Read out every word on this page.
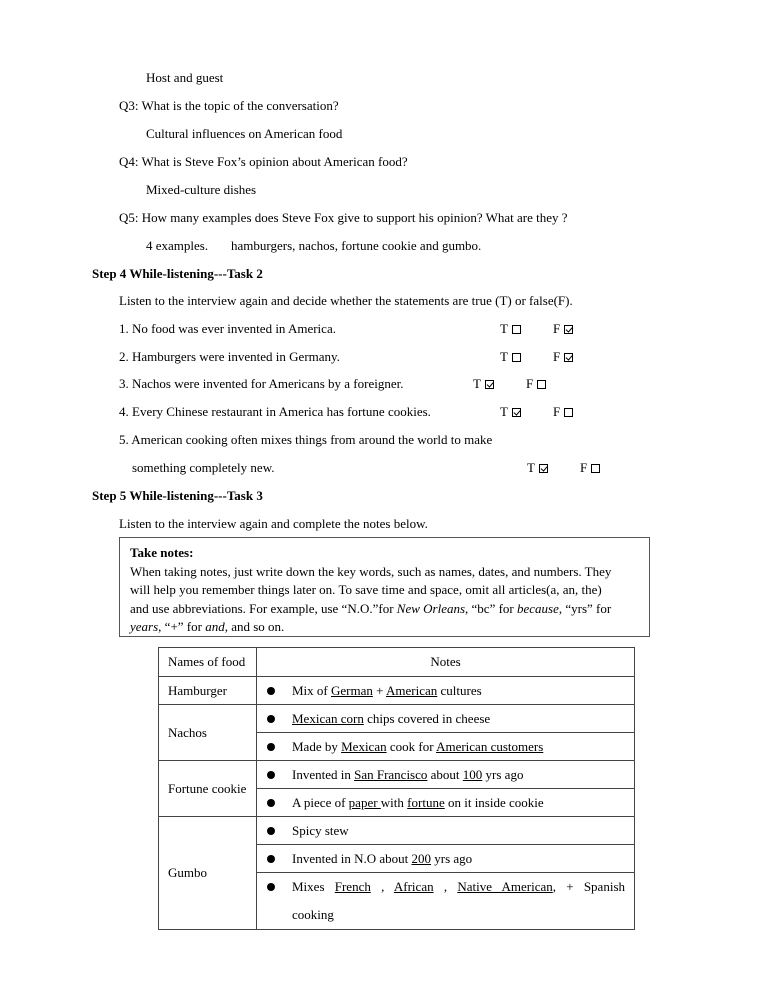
Host and guest
Q3: What is the topic of the conversation?
Cultural influences on American food
Q4: What is Steve Fox’s opinion about American food?
Mixed-culture dishes
Q5: How many examples does Steve Fox give to support his opinion? What are they ?
4 examples. hamburgers, nachos, fortune cookie and gumbo.
Step 4 While-listening---Task 2
Listen to the interview again and decide whether the statements are true (T) or false(F).
1. No food was ever invented in America.	T	F
2. Hamburgers were invented in Germany.	T	F
3. Nachos were invented for Americans by a foreigner.	T	F
4. Every Chinese restaurant in America has fortune cookies.	T	F
5. American cooking often mixes things from around the world to make
something completely new.	T	F
Step 5 While-listening---Task 3
Listen to the interview again and complete the notes below.
Take notes:
When taking notes, just write down the key words, such as names, dates, and numbers. They
will help you remember things later on. To save time and space, omit all articles(a, an, the)
and use abbreviations. For example, use “N.O.”for New Orleans, “bc” for because, “yrs” for
years, “+” for and, and so on.
Names of food	Notes
Hamburger	Mix of German + American cultures
Nachos	Mexican corn chips covered in cheese

Made by Mexican cook for American customers
Fortune cookie	Invented in San Francisco about 100 yrs ago

A piece of paper with fortune on it inside cookie
Gumbo	Spicy stew

Invented in N.O about 200 yrs ago

	Mixes French , African , Native American, + Spanish
cooking
